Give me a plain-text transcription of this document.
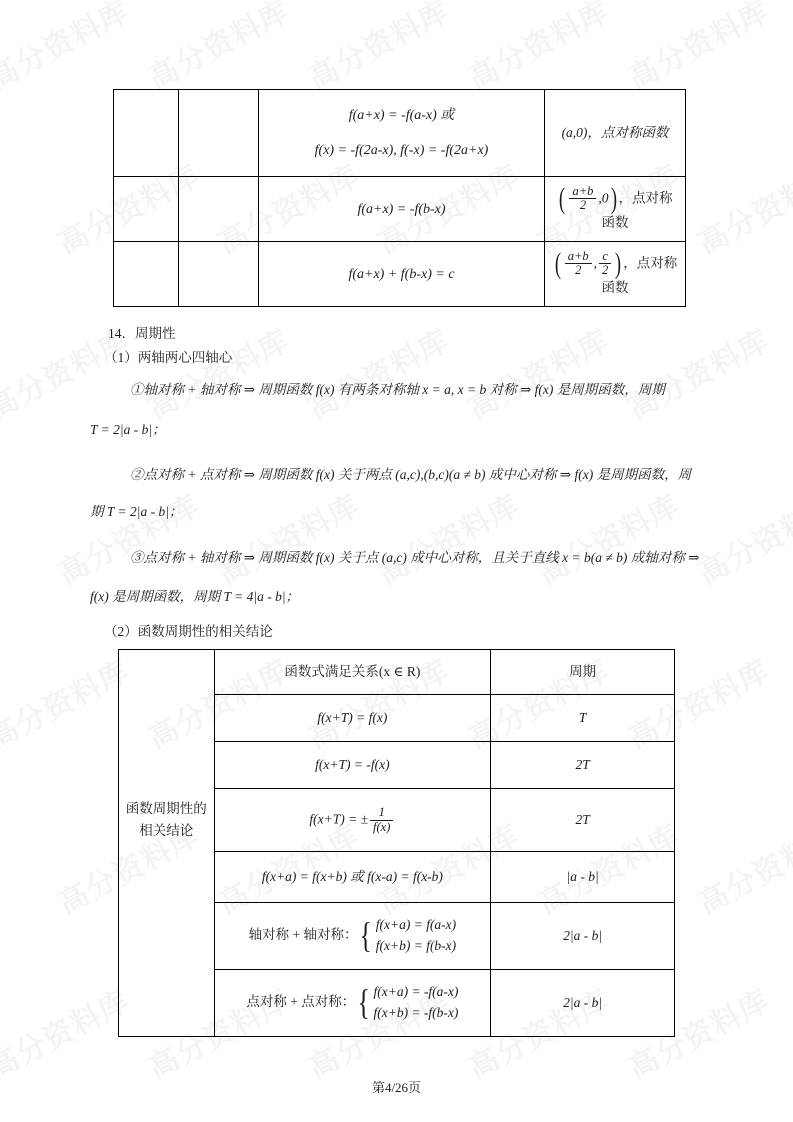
		f(a+x) = -f(a-x) 或
f(x) = -f(2a-x), f(-x) = -f(2a+x)	(a,0)，点对称函数
		f(a+x) = -f(b-x)	( $\frac{a+b}{2} ,0$) ，点对称函数
		f(a+x) + f(b-x) = c	( $\frac{a+b}{2}$ , $\frac{c}{2}$ ) ，点对称函数
14．周期性
（1）两轴两心四轴心
①轴对称 + 轴对称 ⇒ 周期函数 f(x) 有两条对称轴 x = a, x = b 对称 ⇒ f(x) 是周期函数，周期
T = 2|a - b|；
②点对称 + 点对称 ⇒ 周期函数 f(x) 关于两点 (a,c),(b,c)(a ≠ b) 成中心对称 ⇒ f(x) 是周期函数，周
期 T = 2|a - b|；
③点对称 + 轴对称 ⇒ 周期函数 f(x) 关于点 (a,c) 成中心对称，且关于直线 x = b(a ≠ b) 成轴对称 ⇒
f(x) 是周期函数，周期 T = 4|a - b|；
（2）函数周期性的相关结论
	函数式满足关系(x ∈ R)	周期
	f(x+T) = f(x)	T
	f(x+T) = -f(x)	2T
函数周期性的相关结论	f(x+T) = ± $\frac{1}{f(x)}$	2T
	f(x+a) = f(x+b) 或 f(x-a) = f(x-b)	|a - b|
	轴对称 + 轴对称： { f(x+a) = f(a-x)
f(x+b) = f(b-x)	2|a - b|
	点对称 + 点对称： { f(x+a) = -f(a-x)
f(x+b) = -f(b-x)	2|a - b|
第4/26页
